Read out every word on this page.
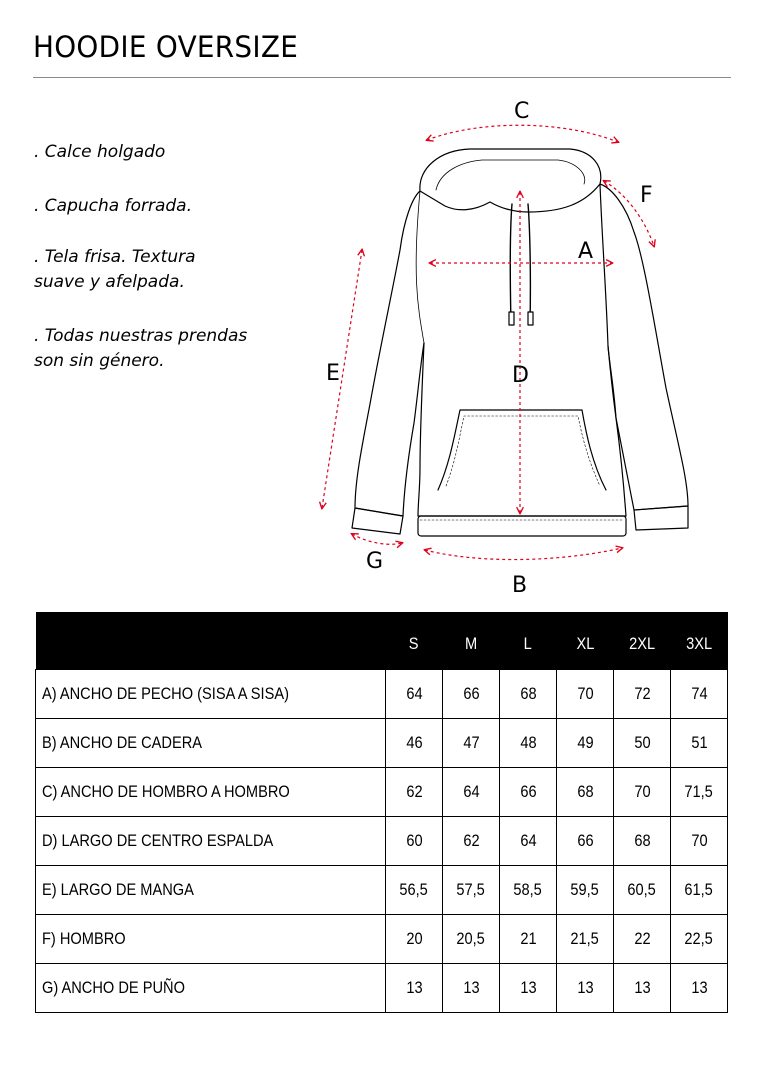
HOODIE OVERSIZE
. Calce holgado
. Capucha forrada.
. Tela frisa. Textura
suave y afelpada.
. Todas nuestras prendas
son sin género.
A
B
C
D
E
F
G
	S	M	L	XL	2XL	3XL
A) ANCHO DE PECHO (SISA A SISA)	64	66	68	70	72	74
B) ANCHO DE CADERA	46	47	48	49	50	51
C) ANCHO DE HOMBRO A HOMBRO	62	64	66	68	70	71,5
D) LARGO DE CENTRO ESPALDA	60	62	64	66	68	70
E) LARGO DE MANGA	56,5	57,5	58,5	59,5	60,5	61,5
F) HOMBRO	20	20,5	21	21,5	22	22,5
G) ANCHO DE PUÑO	13	13	13	13	13	13
